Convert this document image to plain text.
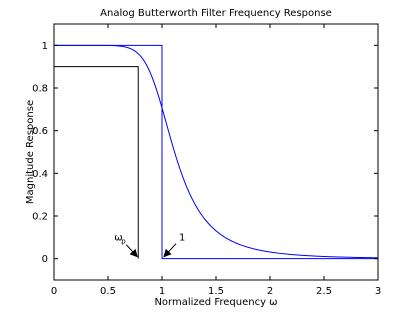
Analog Butterworth Filter Frequency Response
0	0.5	1	1.5	2	2.5	3
0
0.2
0.4
0.6
0.8
1
Normalized Frequency ω
Magnitude Response
ω
p	1
